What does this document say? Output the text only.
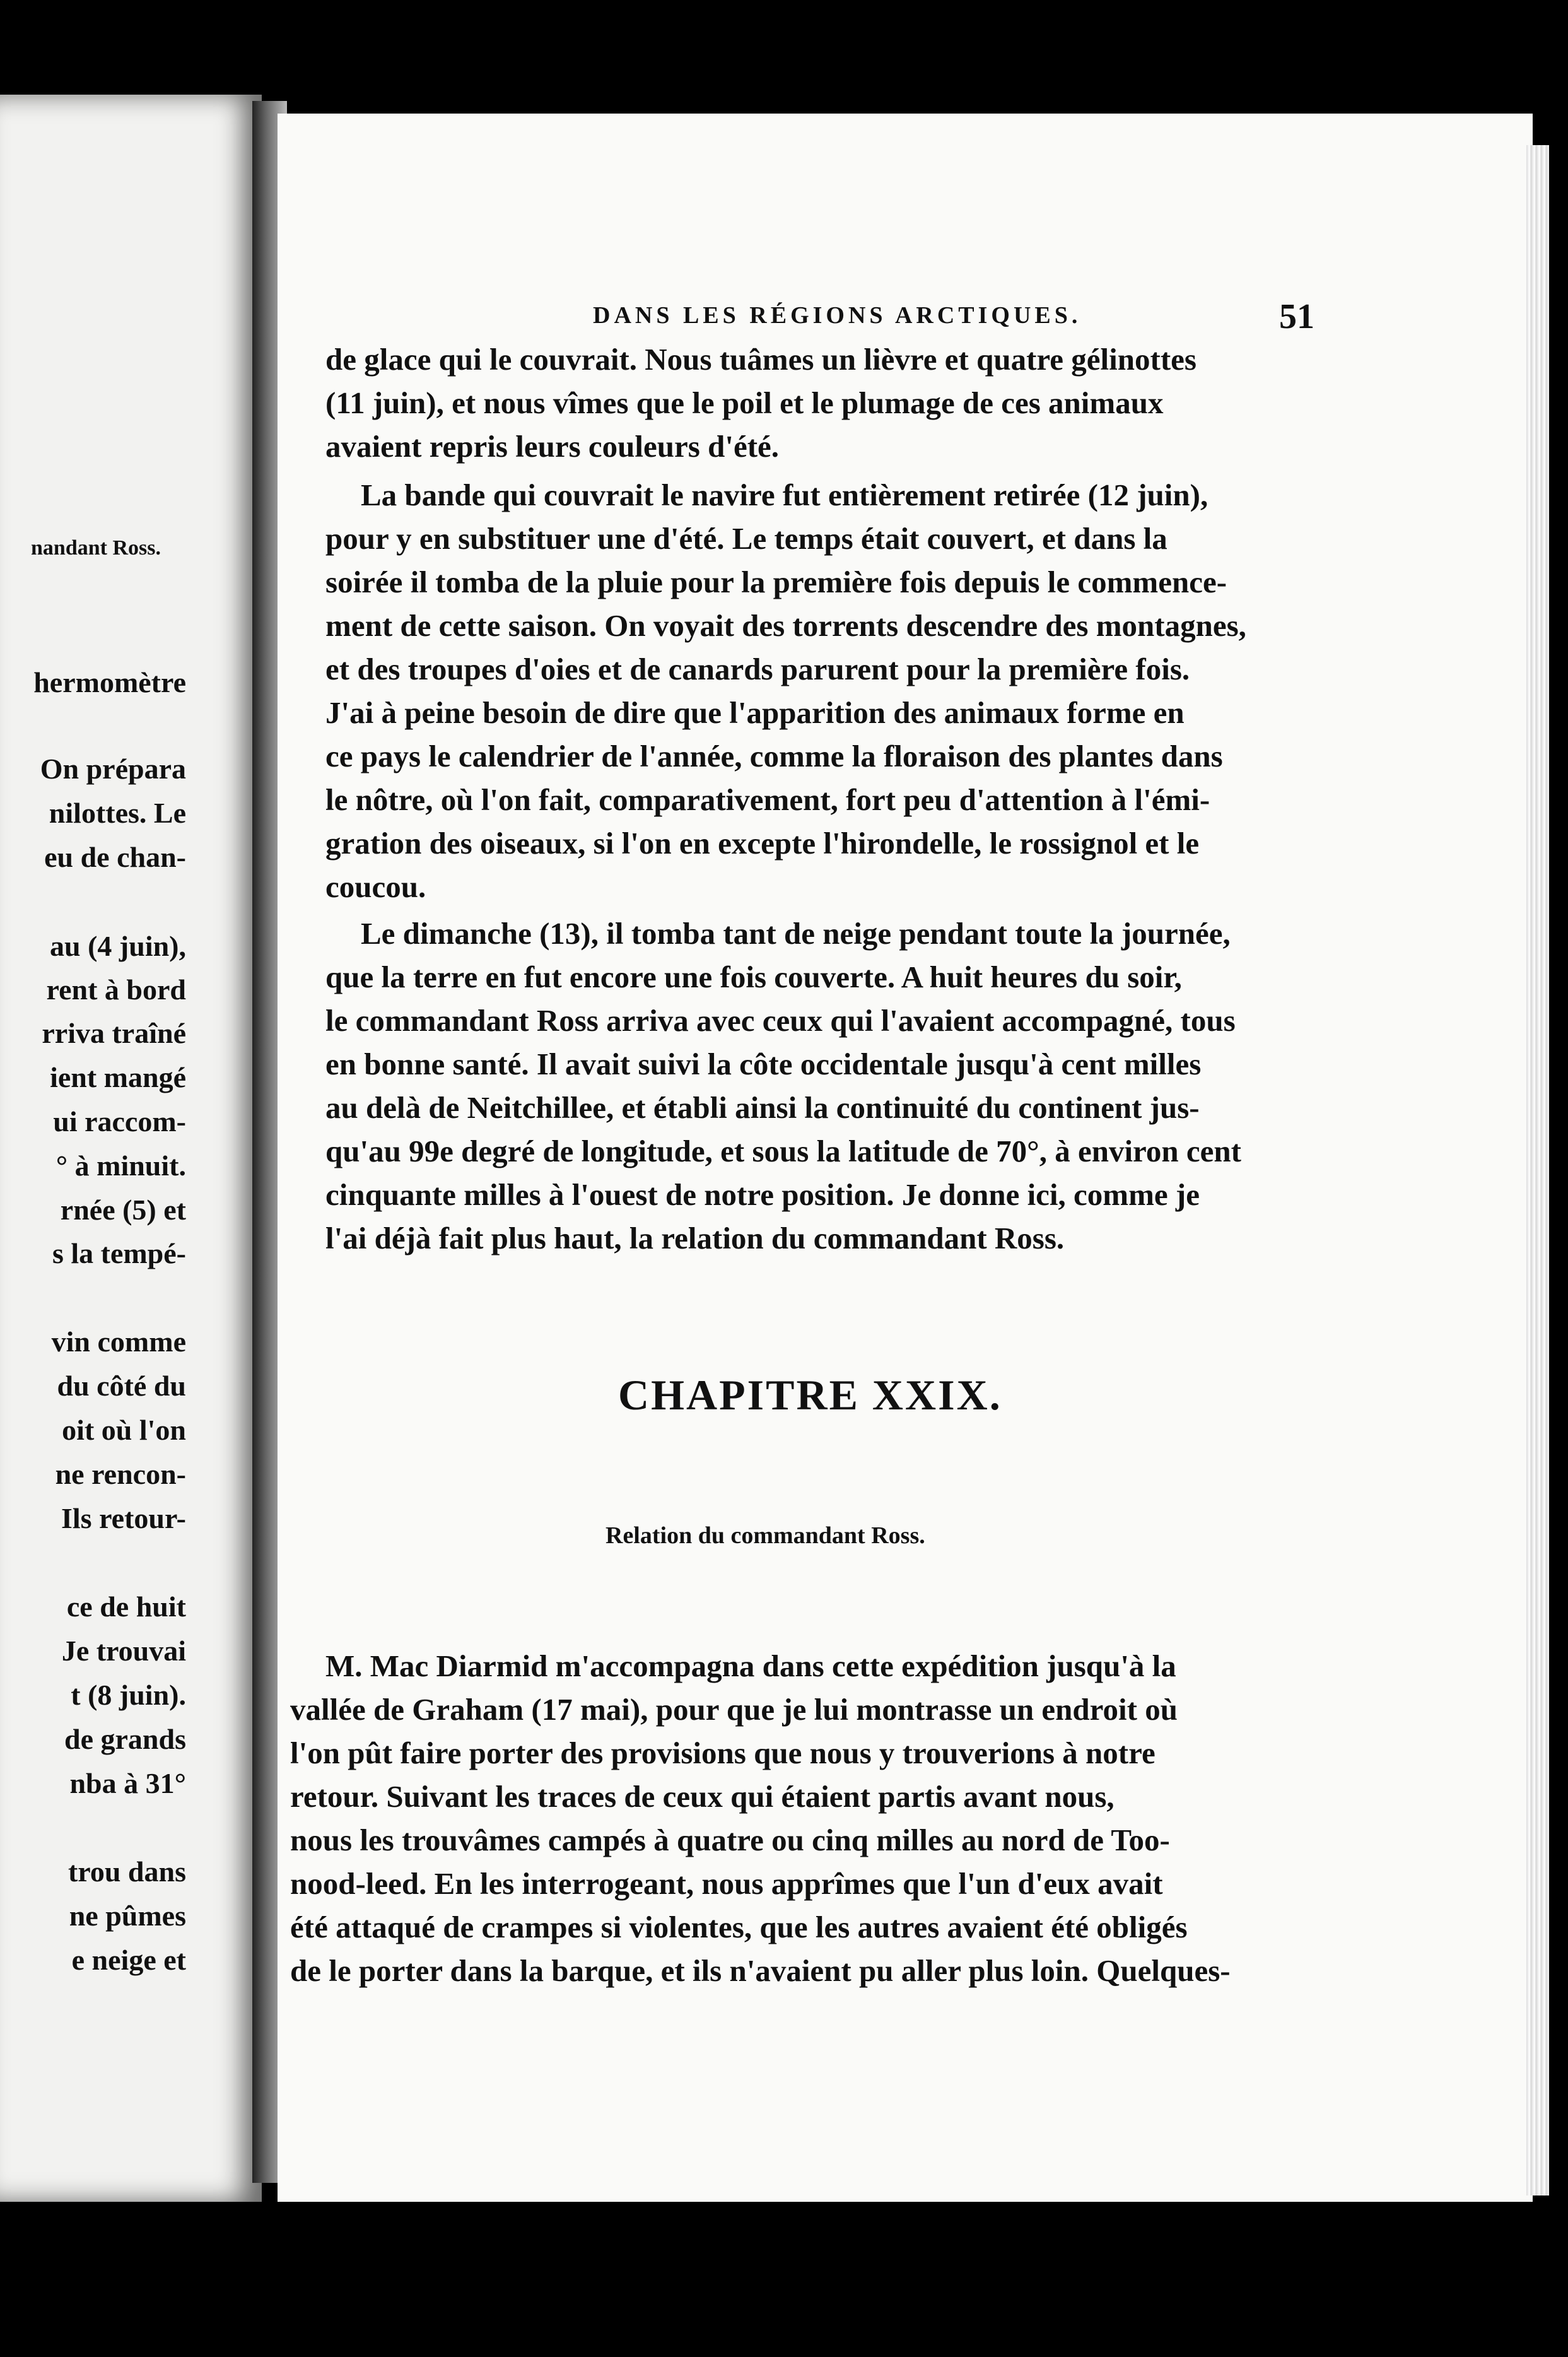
nandant Ross.
hermomètre
On prépara
nilottes. Le
eu de chan-
au (4 juin),
rent à bord
rriva traîné
ient mangé
ui raccom-
° à minuit.
rnée (5) et
s la tempé-
vin comme
du côté du
oit où l'on
ne rencon-
Ils retour-
ce de huit
Je trouvai
t (8 juin).
de grands
nba à 31°
trou dans
ne pûmes
e neige et
DANS LES RÉGIONS ARCTIQUES.	51
de glace qui le couvrait. Nous tuâmes un lièvre et quatre gélinottes
(11 juin), et nous vîmes que le poil et le plumage de ces animaux
avaient repris leurs couleurs d'été.
La bande qui couvrait le navire fut entièrement retirée (12 juin),
pour y en substituer une d'été. Le temps était couvert, et dans la
soirée il tomba de la pluie pour la première fois depuis le commence-
ment de cette saison. On voyait des torrents descendre des montagnes,
et des troupes d'oies et de canards parurent pour la première fois.
J'ai à peine besoin de dire que l'apparition des animaux forme en
ce pays le calendrier de l'année, comme la floraison des plantes dans
le nôtre, où l'on fait, comparativement, fort peu d'attention à l'émi-
gration des oiseaux, si l'on en excepte l'hirondelle, le rossignol et le
coucou.
Le dimanche (13), il tomba tant de neige pendant toute la journée,
que la terre en fut encore une fois couverte. A huit heures du soir,
le commandant Ross arriva avec ceux qui l'avaient accompagné, tous
en bonne santé. Il avait suivi la côte occidentale jusqu'à cent milles
au delà de Neitchillee, et établi ainsi la continuité du continent jus-
qu'au 99e degré de longitude, et sous la latitude de 70°, à environ cent
cinquante milles à l'ouest de notre position. Je donne ici, comme je
l'ai déjà fait plus haut, la relation du commandant Ross.
CHAPITRE XXIX.
Relation du commandant Ross.
M. Mac Diarmid m'accompagna dans cette expédition jusqu'à la
vallée de Graham (17 mai), pour que je lui montrasse un endroit où
l'on pût faire porter des provisions que nous y trouverions à notre
retour. Suivant les traces de ceux qui étaient partis avant nous,
nous les trouvâmes campés à quatre ou cinq milles au nord de Too-
nood-leed. En les interrogeant, nous apprîmes que l'un d'eux avait
été attaqué de crampes si violentes, que les autres avaient été obligés
de le porter dans la barque, et ils n'avaient pu aller plus loin. Quelques-
